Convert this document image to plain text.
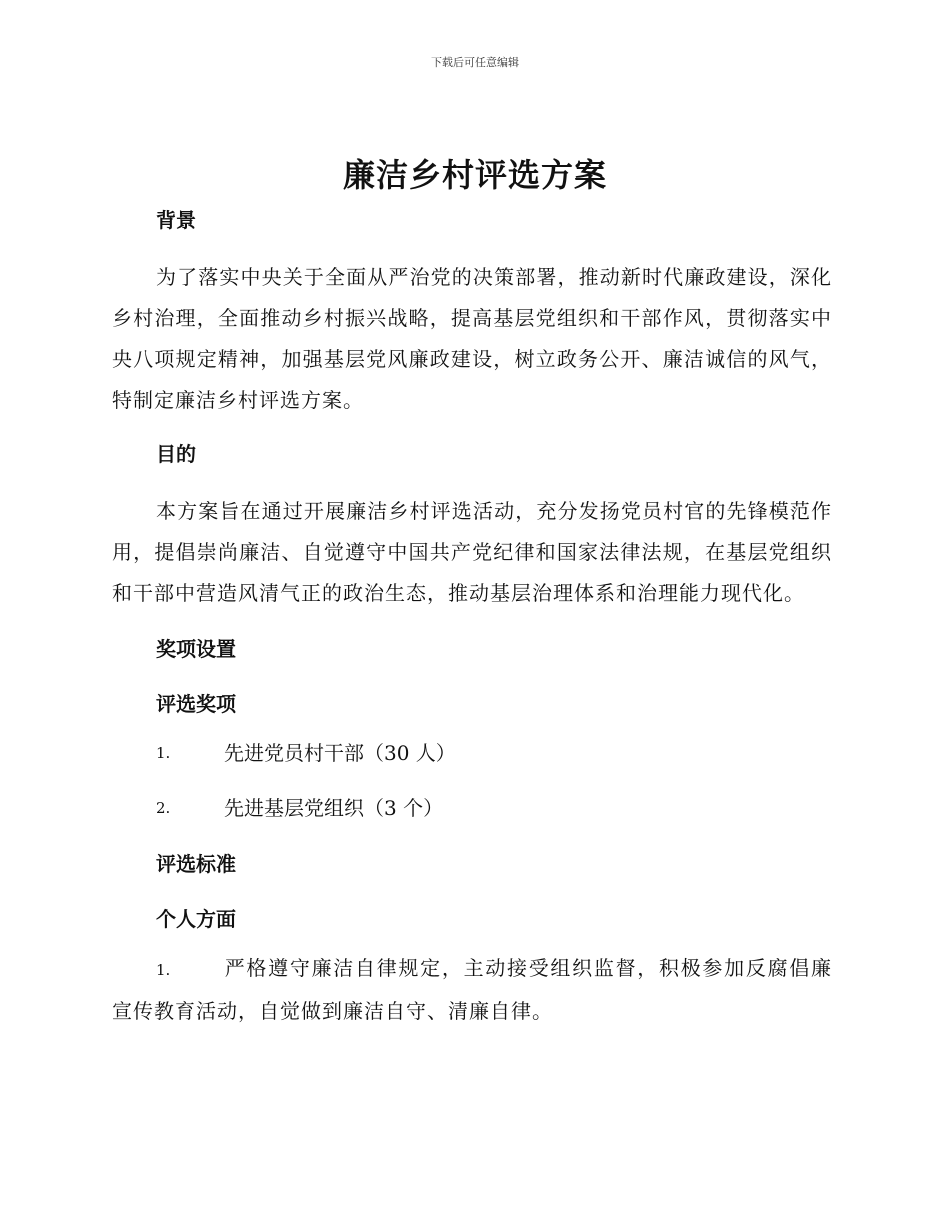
下载后可任意编辑
廉洁乡村评选方案

背景

为了落实中央关于全面从严治党的决策部署，推动新时代廉政建设，深化乡村治理，全面推动乡村振兴战略，提高基层党组织和干部作风，贯彻落实中央八项规定精神，加强基层党风廉政建设，树立政务公开、廉洁诚信的风气，特制定廉洁乡村评选方案。

目的

本方案旨在通过开展廉洁乡村评选活动，充分发扬党员村官的先锋模范作用，提倡崇尚廉洁、自觉遵守中国共产党纪律和国家法律法规，在基层党组织和干部中营造风清气正的政治生态，推动基层治理体系和治理能力现代化。

奖项设置

评选奖项

1.	先进党员村干部（30 人）
2.	先进基层党组织（3 个）

评选标准

个人方面

1.	严格遵守廉洁自律规定，主动接受组织监督，积极参加反腐倡廉宣传教育活动，自觉做到廉洁自守、清廉自律。
